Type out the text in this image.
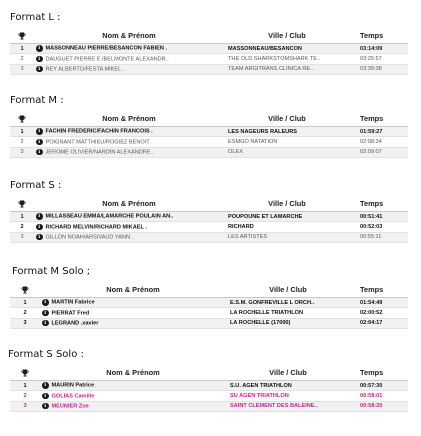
Format L :
	Nom & Prénom	Ville / Club	Temps
1	i MASSONNEAU PIERRE/BESANCON FABIEN .	MASSONNEAU/BESANCON	03:14:09
2	i DAUGUET PIERRE E./BELMONTE ALEXANDR..	THE OLD SHARKSTOMSHARK TE..	03:25:57
3	i REY ALBERTO/FESTA MIKEL .	TEAM ARGITRANS CLINICA RE..	03:39:38
Format M :
	Nom & Prénom	Ville / Club	Temps
1	i FACHIN FREDERIC/FACHIN FRANCOIS .	LES NAGEURS RALEURS	01:59:27
2	i POIGNANT MATTHIEU/ROGIEZ BENOIT .	ESMGO NATATION	02:08:34
3	i JEROME OLIVIER/NARDIN ALEXANDRE .	OLEX	02:09:07
Format S :
	Nom & Prénom	Ville / Club	Temps
1	i MILLASSEAU EMMA/LAMARCHE POULAIN AN..	POUPOUNE ET LAMARCHE	00:51:41
2	i RICHARD MELVIN/RICHARD MIKAEL .	RICHARD	00:52:03
3	i GILLON NOAH/ARSIVAUD YANN .	LES ARTISTES	00:55:11
Format M Solo ;
	Nom & Prénom	Ville / Club	Temps
1	i MARTIN Fabrice	E.S.M. GONFREVILLE L ORCH..	01:54:49
2	i PIERRAT Fred	LA ROCHELLE TRIATHLON	02:00:52
3	i LEGRAND .xavier	LA ROCHELLE (17000)	02:04:17
Format S Solo :
	Nom & Prénom	Ville / Club	Temps
1	i MAURIN Patrice	S.U. AGEN TRIATHLON	00:57:30
2	i GOLIAS Camille	SU AGEN TRIATHLON	00:58:01
3	i MEUNIER Zoe	SAINT CLEMENT DES BALEINE..	00:58:20
